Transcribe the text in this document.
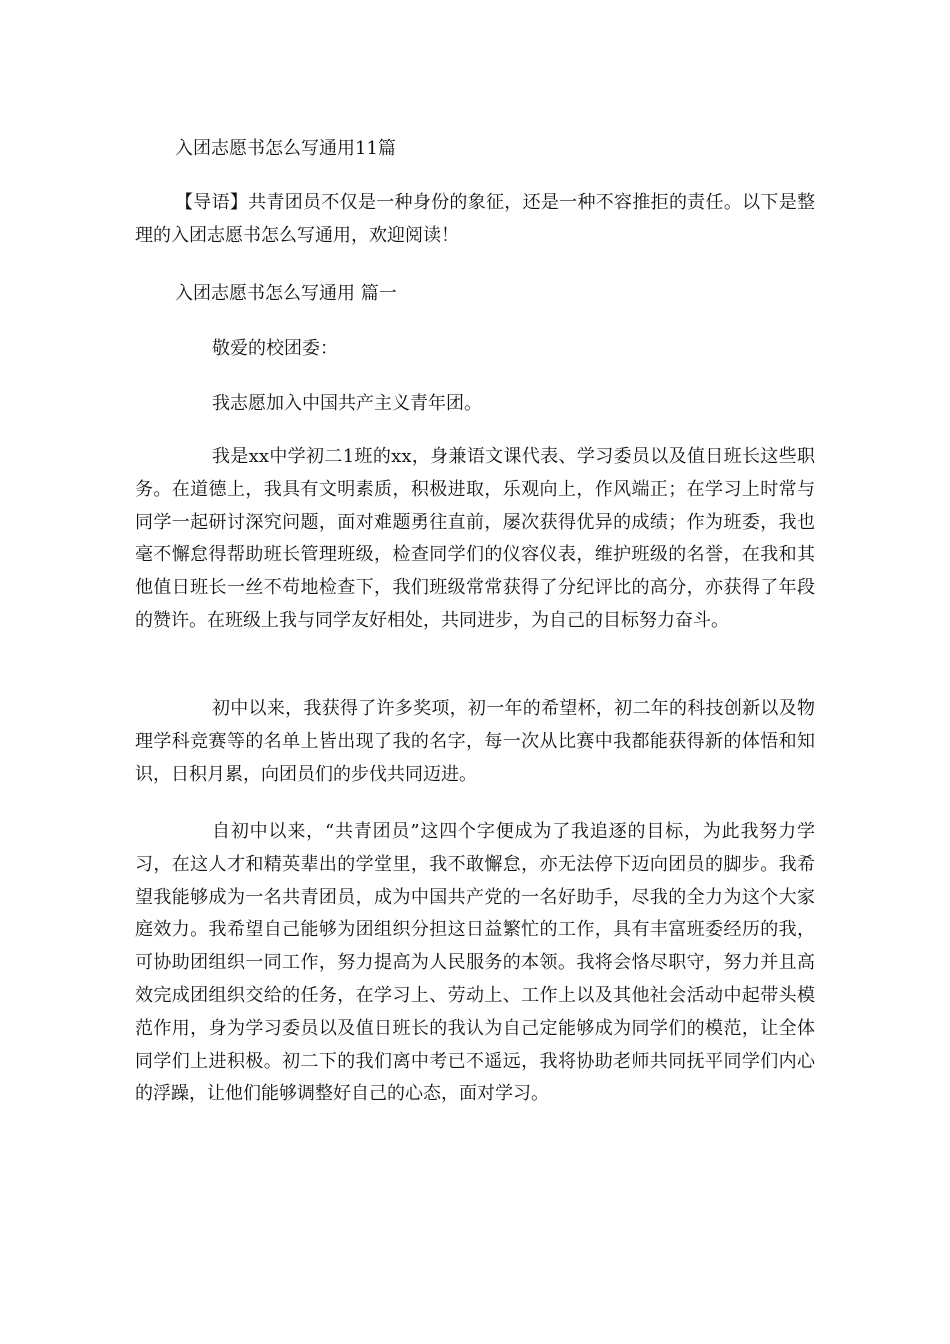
入团志愿书怎么写通用11篇

【导语】共青团员不仅是一种身份的象征，还是一种不容推拒的责任。以下是整理的入团志愿书怎么写通用，欢迎阅读！

入团志愿书怎么写通用 篇一

敬爱的校团委：

我志愿加入中国共产主义青年团。

我是xx中学初二1班的xx，身兼语文课代表、学习委员以及值日班长这些职务。在道德上，我具有文明素质，积极进取，乐观向上，作风端正；在学习上时常与同学一起研讨深究问题，面对难题勇往直前，屡次获得优异的成绩；作为班委，我也毫不懈怠得帮助班长管理班级，检查同学们的仪容仪表，维护班级的名誉，在我和其他值日班长一丝不苟地检查下，我们班级常常获得了分纪评比的高分，亦获得了年段的赞许。在班级上我与同学友好相处，共同进步，为自己的目标努力奋斗。

初中以来，我获得了许多奖项，初一年的希望杯，初二年的科技创新以及物理学科竞赛等的名单上皆出现了我的名字，每一次从比赛中我都能获得新的体悟和知识，日积月累，向团员们的步伐共同迈进。

自初中以来，“共青团员”这四个字便成为了我追逐的目标，为此我努力学习，在这人才和精英辈出的学堂里，我不敢懈怠，亦无法停下迈向团员的脚步。我希望我能够成为一名共青团员，成为中国共产党的一名好助手，尽我的全力为这个大家庭效力。我希望自己能够为团组织分担这日益繁忙的工作，具有丰富班委经历的我，可协助团组织一同工作，努力提高为人民服务的本领。我将会恪尽职守，努力并且高效完成团组织交给的任务，在学习上、劳动上、工作上以及其他社会活动中起带头模范作用，身为学习委员以及值日班长的我认为自己定能够成为同学们的模范，让全体同学们上进积极。初二下的我们离中考已不遥远，我将协助老师共同抚平同学们内心的浮躁，让他们能够调整好自己的心态，面对学习。
